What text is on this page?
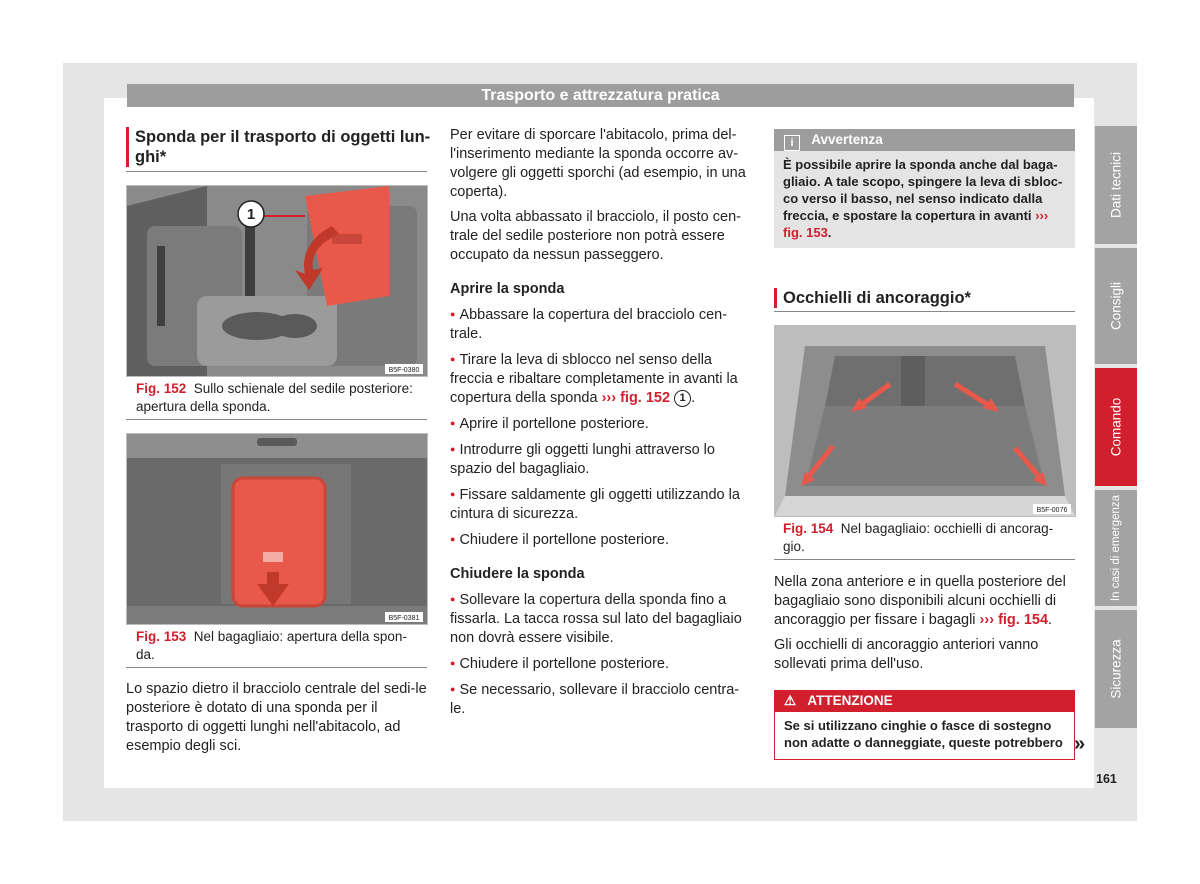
Trasporto e attrezzatura pratica
Sponda per il trasporto di oggetti lun-
ghi*
1
B5F-0380
Fig. 152 Sullo schienale del sedile posteriore: apertura della sponda.
B5F-0381
Fig. 153 Nel bagagliaio: apertura della spon-da.
Lo spazio dietro il bracciolo centrale del sedi-le posteriore è dotato di una sponda per il trasporto di oggetti lunghi nell'abitacolo, ad esempio degli sci.

Per evitare di sporcare l'abitacolo, prima del-l'inserimento mediante la sponda occorre av-volgere gli oggetti sporchi (ad esempio, in una coperta).

Una volta abbassato il bracciolo, il posto cen-trale del sedile posteriore non potrà essere occupato da nessun passeggero.

Aprire la sponda

● Abbassare la copertura del bracciolo cen-trale.

● Tirare la leva di sblocco nel senso della freccia e ribaltare completamente in avanti la copertura della sponda ››› fig. 152 1 .

● Aprire il portellone posteriore.

● Introdurre gli oggetti lunghi attraverso lo spazio del bagagliaio.

● Fissare saldamente gli oggetti utilizzando la cintura di sicurezza.

● Chiudere il portellone posteriore.

Chiudere la sponda

● Sollevare la copertura della sponda fino a fissarla. La tacca rossa sul lato del bagagliaio non dovrà essere visibile.

● Chiudere il portellone posteriore.

● Se necessario, sollevare il bracciolo centra-le.

i Avvertenza
È possibile aprire la sponda anche dal baga-gliaio. A tale scopo, spingere la leva di sbloc-co verso il basso, nel senso indicato dalla freccia, e spostare la copertura in avanti ››› fig. 153.
Occhielli di ancoraggio*
B5F-0076
Fig. 154 Nel bagagliaio: occhielli di ancorag-gio.

Nella zona anteriore e in quella posteriore del bagagliaio sono disponibili alcuni occhielli di ancoraggio per fissare i bagagli ››› fig. 154.

Gli occhielli di ancoraggio anteriori vanno sollevati prima dell'uso.

⚠ ATTENZIONE
Se si utilizzano cinghie o fasce di sostegno non adatte o danneggiate, queste potrebbero »
Dati tecnici
Consigli
Comando
In casi di emergenza
Sicurezza
161
